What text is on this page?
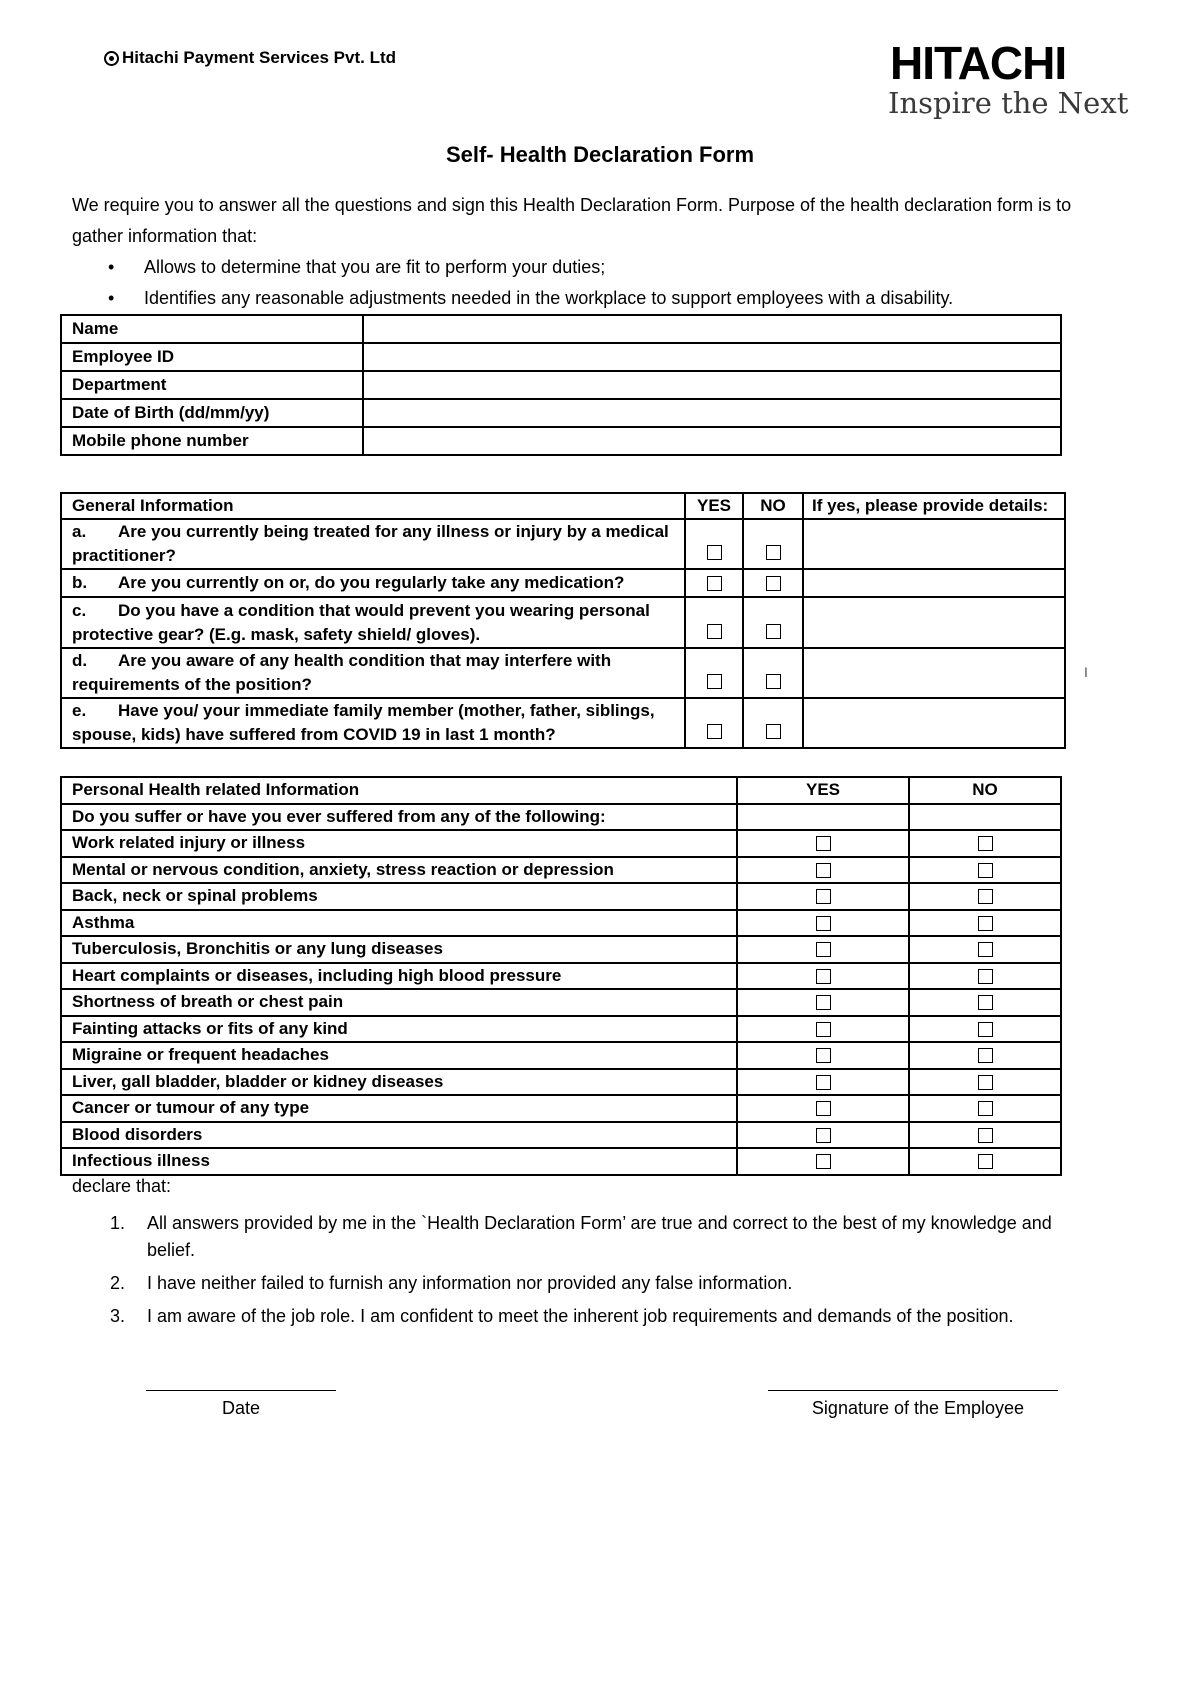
Hitachi Payment Services Pvt. Ltd	HITACHI
Inspire the Next
Self- Health Declaration Form

We require you to answer all the questions and sign this Health Declaration Form. Purpose of the health declaration form is to gather information that:

• Allows to determine that you are fit to perform your duties;
• Identifies any reasonable adjustments needed in the workplace to support employees with a disability.
Name	
Employee ID	
Department	
Date of Birth (dd/mm/yy)	
Mobile phone number	
General Information	YES	NO	If yes, please provide details:
a. Are you currently being treated for any illness or injury by a medical practitioner?			
b. Are you currently on or, do you regularly take any medication?			
c. Do you have a condition that would prevent you wearing personal protective gear? (E.g. mask, safety shield/ gloves).			
d. Are you aware of any health condition that may interfere with requirements of the position?			
e. Have you/ your immediate family member (mother, father, siblings, spouse, kids) have suffered from COVID 19 in last 1 month?			
I
Personal Health related Information	YES	NO
Do you suffer or have you ever suffered from any of the following:		
Work related injury or illness		
Mental or nervous condition, anxiety, stress reaction or depression		
Back, neck or spinal problems		
Asthma		
Tuberculosis, Bronchitis or any lung diseases		
Heart complaints or diseases, including high blood pressure		
Shortness of breath or chest pain		
Fainting attacks or fits of any kind		
Migraine or frequent headaches		
Liver, gall bladder, bladder or kidney diseases		
Cancer or tumour of any type		
Blood disorders		
Infectious illness		
declare that:
1. All answers provided by me in the `Health Declaration Form’ are true and correct to the best of my knowledge and belief.
2. I have neither failed to furnish any information nor provided any false information.
3. I am aware of the job role. I am confident to meet the inherent job requirements and demands of the position.
Date	Signature of the Employee
